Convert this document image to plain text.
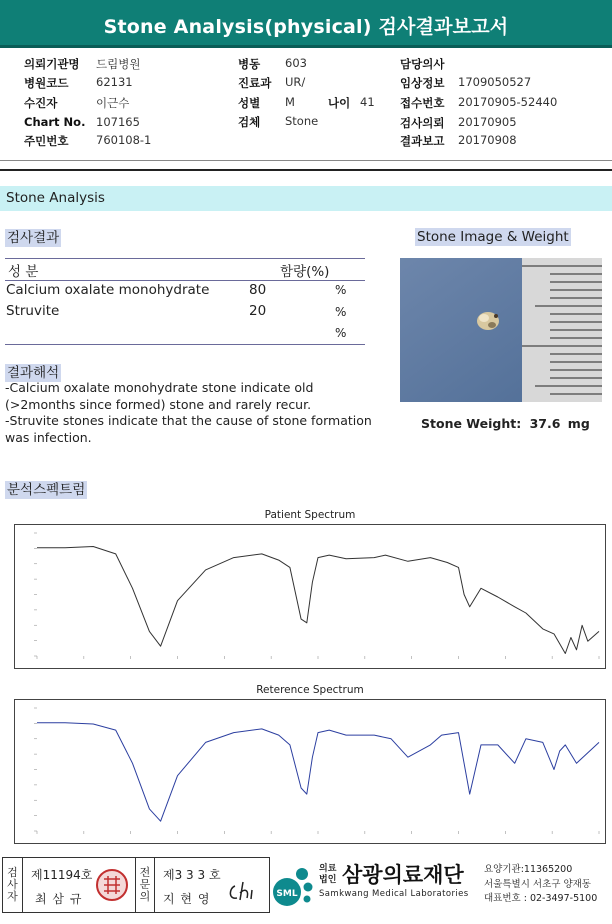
Stone Analysis(physical) 검사결과보고서
의뢰기관명 드림병원
병원코드 62131
수진자	이근수
Chart No. 107165
주민번호 760108-1
병동 603
진료과 UR/
성별 M	나이 41
검체 Stone
담당의사
임상정보 1709050527
접수번호 20170905-52440
검사의뢰 20170905
결과보고 20170908
Stone Analysis
검사결과
성 분	함량(%)
Calcium oxalate monohydrate	80	%
Struvite	20	%
%
Stone Image & Weight
Stone Weight: 37.6 mg
결과해석
-Calcium oxalate monohydrate stone indicate old
(>2months since formed) stone and rarely recur.
-Struvite stones indicate that the cause of stone formation
was infection.
분석스펙트럼
Patient Spectrum
Reterence Spectrum
검사자
제11194호
최 삼 규
전문의
제3 3 3 호
지 현 영	SML
의료
법인 삼광의료재단
Samkwang Medical Laboratories
요양기관:11365200
서울특별시 서초구 양재동
대표번호 : 02-3497-5100
